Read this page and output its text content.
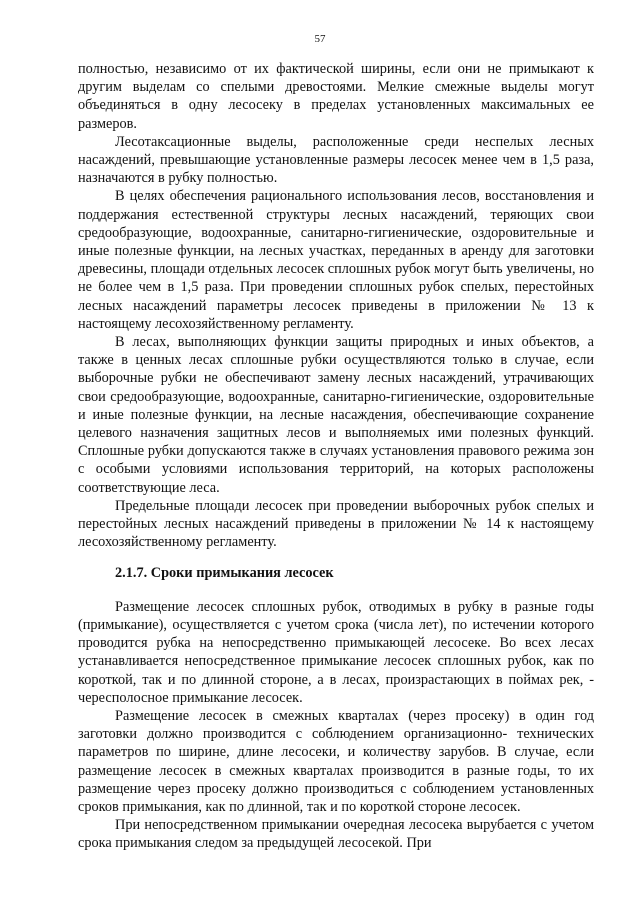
57

полностью, независимо от их фактической ширины, если они не примыкают к другим выделам со спелыми древостоями. Мелкие смежные выделы могут объединяться в одну лесосеку в пределах установленных максимальных ее размеров.

Лесотаксационные выделы, расположенные среди неспелых лесных насаждений, превышающие установленные размеры лесосек менее чем в 1,5 раза, назначаются в рубку полностью.

В целях обеспечения рационального использования лесов, восстановления и поддержания естественной структуры лесных насаждений, теряющих свои средообразующие, водоохранные, санитарно-гигиенические, оздоровительные и иные полезные функции, на лесных участках, переданных в аренду для заготовки древесины, площади отдельных лесосек сплошных рубок могут быть увеличены, но не более чем в 1,5 раза. При проведении сплошных рубок спелых, перестойных лесных насаждений параметры лесосек приведены в приложении № 13 к настоящему лесохозяйственному регламенту.

В лесах, выполняющих функции защиты природных и иных объектов, а также в ценных лесах сплошные рубки осуществляются только в случае, если выборочные рубки не обеспечивают замену лесных насаждений, утрачивающих свои средообразующие, водоохранные, санитарно-гигиенические, оздоровительные и иные полезные функции, на лесные насаждения, обеспечивающие сохранение целевого назначения защитных лесов и выполняемых ими полезных функций. Сплошные рубки допускаются также в случаях установления правового режима зон с особыми условиями использования территорий, на которых расположены соответствующие леса.

Предельные площади лесосек при проведении выборочных рубок спелых и перестойных лесных насаждений приведены в приложении № 14 к настоящему лесохозяйственному регламенту.

2.1.7. Сроки примыкания лесосек

Размещение лесосек сплошных рубок, отводимых в рубку в разные годы (примыкание), осуществляется с учетом срока (числа лет), по истечении которого проводится рубка на непосредственно примыкающей лесосеке. Во всех лесах устанавливается непосредственное примыкание лесосек сплошных рубок, как по короткой, так и по длинной стороне, а в лесах, произрастающих в поймах рек, - чересполосное примыкание лесосек.

Размещение лесосек в смежных кварталах (через просеку) в один год заготовки должно производится с соблюдением организационно- технических параметров по ширине, длине лесосеки, и количеству зарубов. В случае, если размещение лесосек в смежных кварталах производится в разные годы, то их размещение через просеку должно производиться с соблюдением установленных сроков примыкания, как по длинной, так и по короткой стороне лесосек.

При непосредственном примыкании очередная лесосека вырубается с учетом срока примыкания следом за предыдущей лесосекой. При
